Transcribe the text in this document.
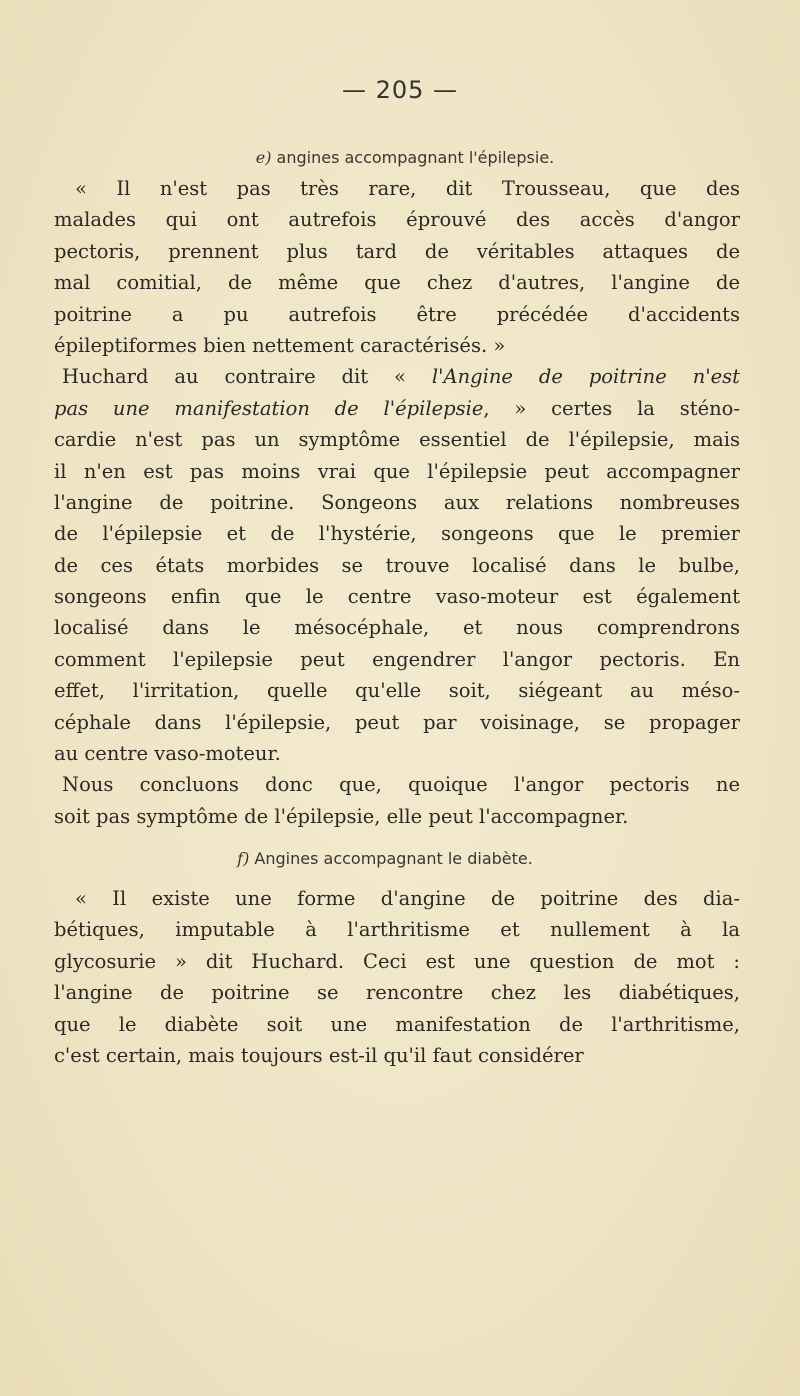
— 205 —
e) angines accompagnant l'épilepsie.
« Il n'est pas très rare, dit Trousseau, que des
malades qui ont autrefois éprouvé des accès d'angor
pectoris, prennent plus tard de véritables attaques de
mal comitial, de même que chez d'autres, l'angine de
poitrine a pu autrefois être précédée d'accidents
épileptiformes bien nettement caractérisés. »
Huchard au contraire dit « l'Angine de poitrine n'est
pas une manifestation de l'épilepsie, » certes la sténo-
cardie n'est pas un symptôme essentiel de l'épilepsie, mais
il n'en est pas moins vrai que l'épilepsie peut accompagner
l'angine de poitrine. Songeons aux relations nombreuses
de l'épilepsie et de l'hystérie, songeons que le premier
de ces états morbides se trouve localisé dans le bulbe,
songeons enfin que le centre vaso-moteur est également
localisé dans le mésocéphale, et nous comprendrons
comment l'epilepsie peut engendrer l'angor pectoris. En
effet, l'irritation, quelle qu'elle soit, siégeant au méso-
céphale dans l'épilepsie, peut par voisinage, se propager
au centre vaso-moteur.
Nous concluons donc que, quoique l'angor pectoris ne
soit pas symptôme de l'épilepsie, elle peut l'accompagner.
f) Angines accompagnant le diabète.
« Il existe une forme d'angine de poitrine des dia-
bétiques, imputable à l'arthritisme et nullement à la
glycosurie » dit Huchard. Ceci est une question de mot :
l'angine de poitrine se rencontre chez les diabétiques,
que le diabète soit une manifestation de l'arthritisme,
c'est certain, mais toujours est-il qu'il faut considérer
